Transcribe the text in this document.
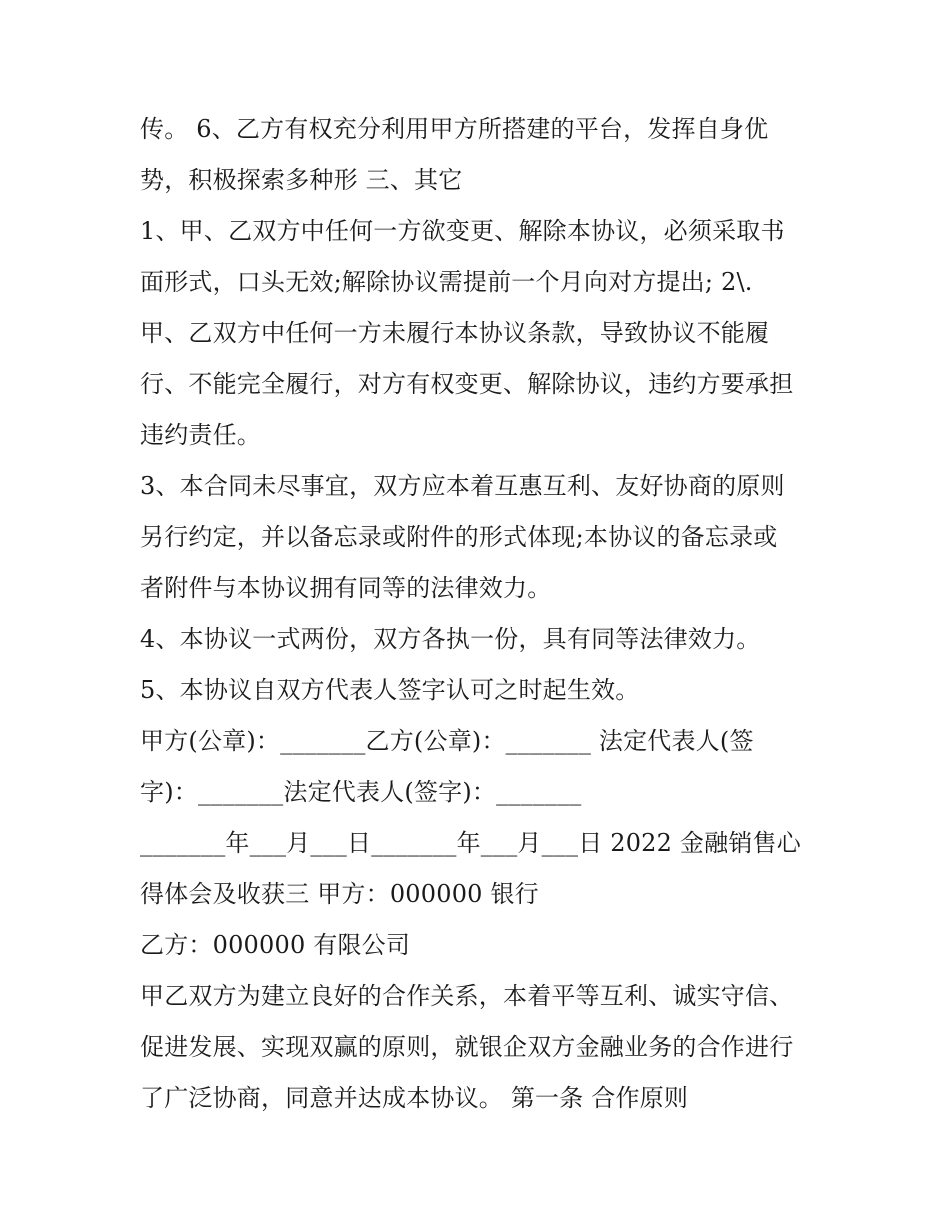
传。 6、乙方有权充分利用甲方所搭建的平台，发挥自身优
势，积极探索多种形 三、其它
1、甲、乙双方中任何一方欲变更、解除本协议，必须采取书
面形式，口头无效;解除协议需提前一个月向对方提出; 2\.
甲、乙双方中任何一方未履行本协议条款，导致协议不能履
行、不能完全履行，对方有权变更、解除协议，违约方要承担
违约责任。
3、本合同未尽事宜，双方应本着互惠互利、友好协商的原则
另行约定，并以备忘录或附件的形式体现;本协议的备忘录或
者附件与本协议拥有同等的法律效力。
4、本协议一式两份，双方各执一份，具有同等法律效力。
5、本协议自双方代表人签字认可之时起生效。
甲方(公章)：_______乙方(公章)：_______ 法定代表人(签
字)：_______法定代表人(签字)：_______
_______年___月___日_______年___月___日 2022 金融销售心
得体会及收获三 甲方：000000 银行
乙方：000000 有限公司
甲乙双方为建立良好的合作关系，本着平等互利、诚实守信、
促进发展、实现双赢的原则，就银企双方金融业务的合作进行
了广泛协商，同意并达成本协议。 第一条 合作原则
